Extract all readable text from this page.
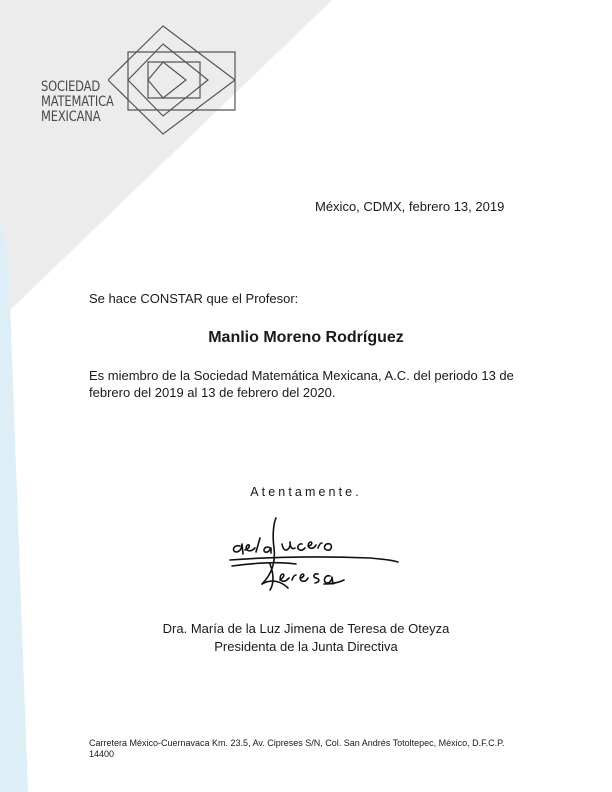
SOCIEDAD
MATEMATICA
MEXICANA
México, CDMX, febrero 13, 2019
Se hace CONSTAR que el Profesor:
Manlio Moreno Rodríguez
Es miembro de la Sociedad Matemática Mexicana, A.C. del periodo 13 de febrero del 2019 al 13 de febrero del 2020.
Atentamente.
Dra. María de la Luz Jimena de Teresa de Oteyza
Presidenta de la Junta Directiva
Carretera México-Cuernavaca Km. 23.5, Av. Cipreses S/N, Col. San Andrés Totoltepec, México, D.F.C.P. 14400
